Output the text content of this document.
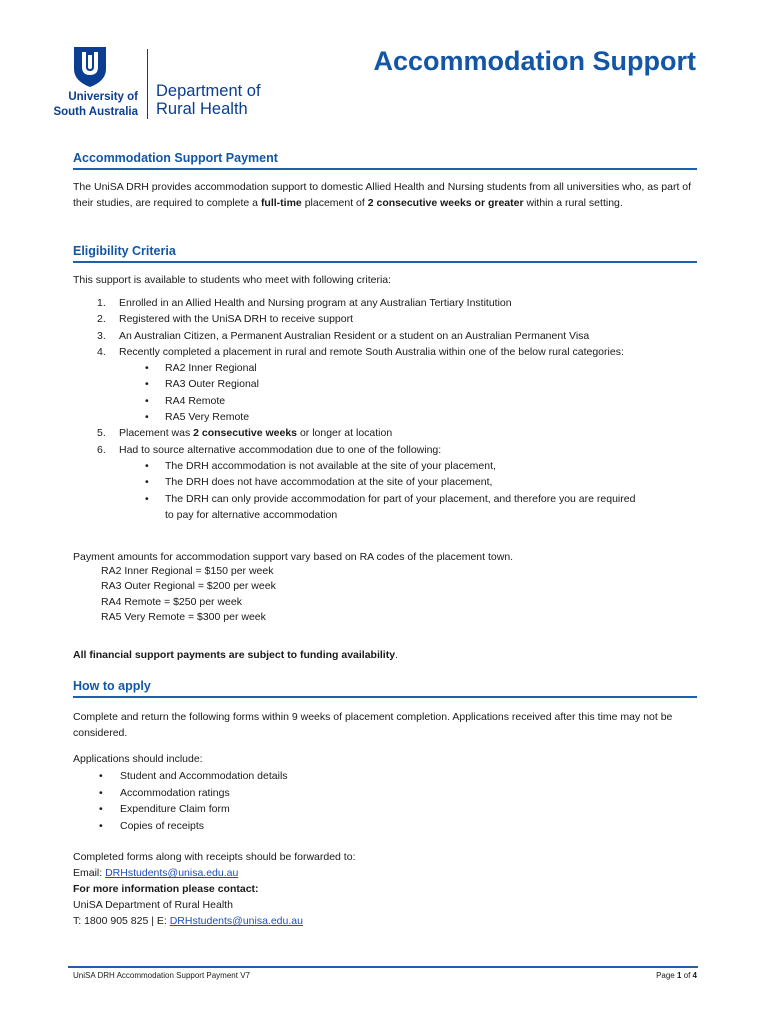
University of
South Australia
Department of
Rural Health
Accommodation Support
Accommodation Support Payment
The UniSA DRH provides accommodation support to domestic Allied Health and Nursing students from all universities who, as part of their studies, are required to complete a full-time placement of 2 consecutive weeks or greater within a rural setting.
Eligibility Criteria
This support is available to students who meet with following criteria:
1. Enrolled in an Allied Health and Nursing program at any Australian Tertiary Institution
2. Registered with the UniSA DRH to receive support
3. An Australian Citizen, a Permanent Australian Resident or a student on an Australian Permanent Visa
4. Recently completed a placement in rural and remote South Australia within one of the below rural categories:
• RA2 Inner Regional
• RA3 Outer Regional
• RA4 Remote
• RA5 Very Remote
5. Placement was 2 consecutive weeks or longer at location
6. Had to source alternative accommodation due to one of the following:
• The DRH accommodation is not available at the site of your placement,
• The DRH does not have accommodation at the site of your placement,
• The DRH can only provide accommodation for part of your placement, and therefore you are required to pay for alternative accommodation
Payment amounts for accommodation support vary based on RA codes of the placement town.
RA2 Inner Regional = $150 per week
RA3 Outer Regional = $200 per week
RA4 Remote = $250 per week
RA5 Very Remote = $300 per week
All financial support payments are subject to funding availability.
How to apply
Complete and return the following forms within 9 weeks of placement completion. Applications received after this time may not be considered.
Applications should include:
• Student and Accommodation details
• Accommodation ratings
• Expenditure Claim form
• Copies of receipts
Completed forms along with receipts should be forwarded to:
Email: DRHstudents@unisa.edu.au
For more information please contact:
UniSA Department of Rural Health
T: 1800 905 825 | E: DRHstudents@unisa.edu.au
UniSA DRH Accommodation Support Payment V7	Page 1 of 4
